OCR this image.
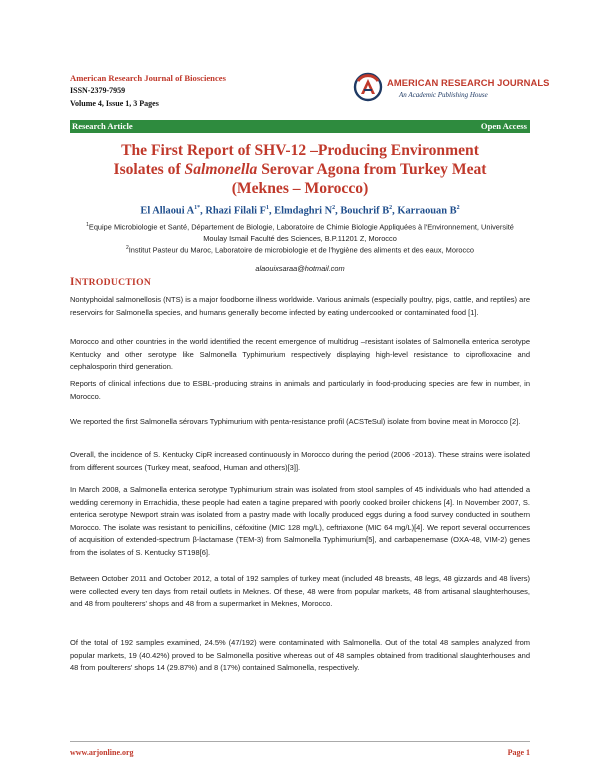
American Research Journal of Biosciences
ISSN-2379-7959
Volume 4, Issue 1, 3 Pages
AMERICAN RESEARCH JOURNALS
An Academic Publishing House
Research Article	Open Access
The First Report of SHV-12 –Producing Environment
Isolates of Salmonella Serovar Agona from Turkey Meat
(Meknes – Morocco)
El Allaoui $A^{1*}$, Rhazi Filali $F^1$, Elmdaghri $N^2$, Bouchrif $B^2$, Karraouan $B^2$
$^1$Equipe Microbiologie et Santé, Département de Biologie, Laboratoire de Chimie Biologie Appliquées à l'Environnement, Université Moulay Ismail Faculté des Sciences, B.P.11201 Z, Morocco
$^2$Institut Pasteur du Maroc, Laboratoire de microbiologie et de l'hygiène des aliments et des eaux, Morocco
alaouixsaraa@hotmail.com
INTRODUCTION
Nontyphoidal salmonellosis (NTS) is a major foodborne illness worldwide. Various animals (especially poultry, pigs, cattle, and reptiles) are reservoirs for Salmonella species, and humans generally become infected by eating undercooked or contaminated food [1].
Morocco and other countries in the world identified the recent emergence of multidrug –resistant isolates of Salmonella enterica serotype Kentucky and other serotype like Salmonella Typhimurium respectively displaying high-level resistance to ciprofloxacine and cephalosporin third generation.
Reports of clinical infections due to ESBL-producing strains in animals and particularly in food-producing species are few in number, in Morocco.
We reported the first Salmonella sérovars Typhimurium with penta-resistance profil (ACSTeSul) isolate from bovine meat in Morocco [2].
Overall, the incidence of S. Kentucky CipR increased continuously in Morocco during the period (2006 -2013). These strains were isolated from different sources (Turkey meat, seafood, Human and others)[3]].
In March 2008, a Salmonella enterica serotype Typhimurium strain was isolated from stool samples of 45 individuals who had attended a wedding ceremony in Errachidia, these people had eaten a tagine prepared with poorly cooked broiler chickens [4]. In November 2007, S. enterica serotype Newport strain was isolated from a pastry made with locally produced eggs during a food survey conducted in southern Morocco. The isolate was resistant to penicillins, céfoxitine (MIC 128 mg/L), ceftriaxone (MIC 64 mg/L)[4]. We report several occurrences of acquisition of extended-spectrum β-lactamase (TEM-3) from Salmonella Typhimurium[5], and carbapenemase (OXA-48, VIM-2) genes from the isolates of S. Kentucky ST198[6].
Between October 2011 and October 2012, a total of 192 samples of turkey meat (included 48 breasts, 48 legs, 48 gizzards and 48 livers) were collected every ten days from retail outlets in Meknes. Of these, 48 were from popular markets, 48 from artisanal slaughterhouses, and 48 from poulterers' shops and 48 from a supermarket in Meknes, Morocco.
Of the total of 192 samples examined, 24.5% (47/192) were contaminated with Salmonella. Out of the total 48 samples analyzed from popular markets, 19 (40.42%) proved to be Salmonella positive whereas out of 48 samples obtained from traditional slaughterhouses and 48 from poulterers' shops 14 (29.87%) and 8 (17%) contained Salmonella, respectively.
www.arjonline.org	Page 1
